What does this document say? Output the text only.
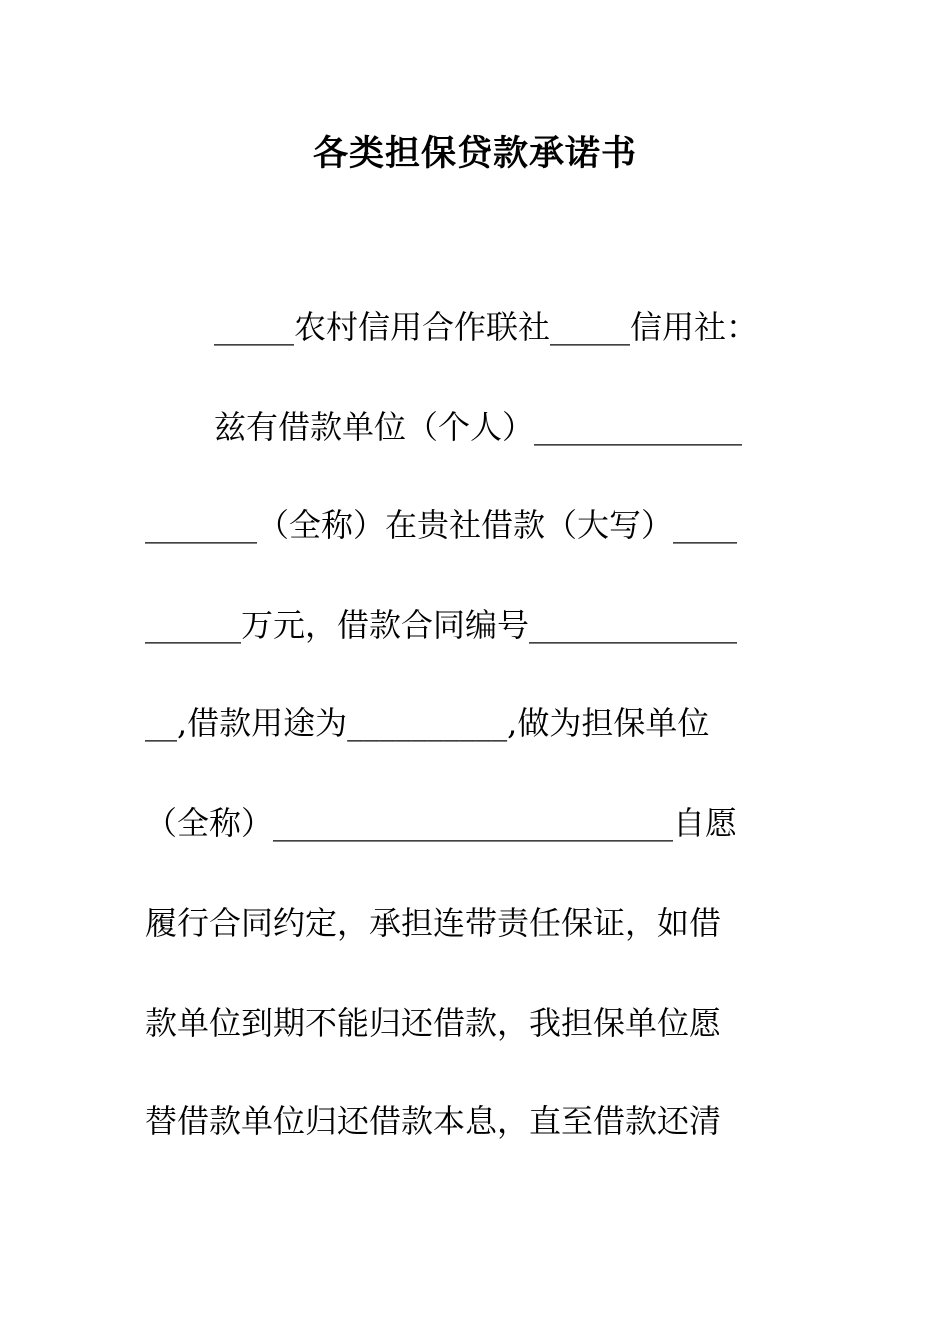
各类担保贷款承诺书
_____农村信用合作联社_____信用社：
兹有借款单位（个人）_____________
_______（全称）在贵社借款（大写）____
______万元，借款合同编号_____________
__,借款用途为__________,做为担保单位
（全称）_________________________自愿
履行合同约定，承担连带责任保证，如借
款单位到期不能归还借款，我担保单位愿
替借款单位归还借款本息，直至借款还清
